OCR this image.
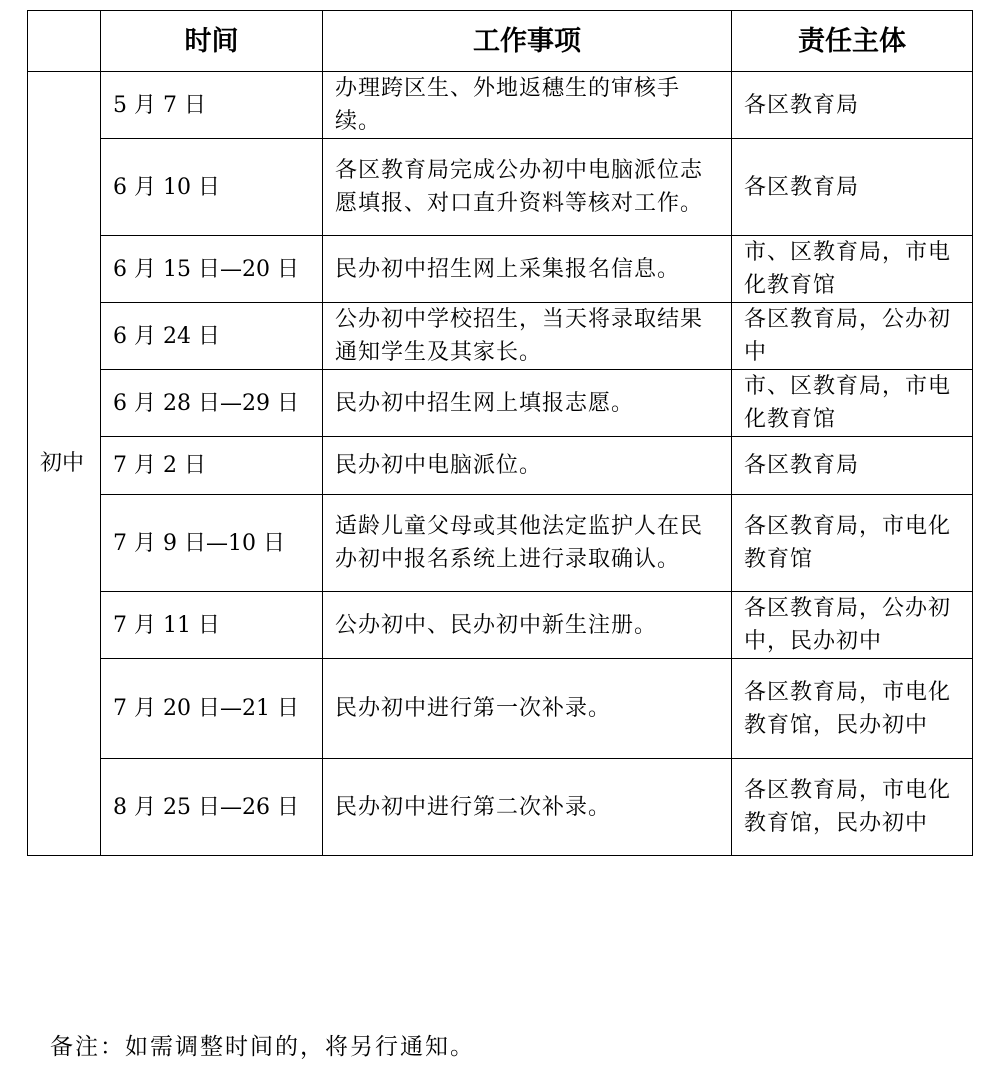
	时间	工作事项	责任主体
初中	5 月 7 日	办理跨区生、外地返穗生的审核手续。	各区教育局
	6 月 10 日	各区教育局完成公办初中电脑派位志愿填报、对口直升资料等核对工作。	各区教育局
	6 月 15 日—20 日	民办初中招生网上采集报名信息。	市、区教育局，市电化教育馆
	6 月 24 日	公办初中学校招生，当天将录取结果通知学生及其家长。	各区教育局，公办初中
	6 月 28 日—29 日	民办初中招生网上填报志愿。	市、区教育局，市电化教育馆
	7 月 2 日	民办初中电脑派位。	各区教育局
	7 月 9 日—10 日	适龄儿童父母或其他法定监护人在民办初中报名系统上进行录取确认。	各区教育局，市电化教育馆
	7 月 11 日	公办初中、民办初中新生注册。	各区教育局，公办初中，民办初中
	7 月 20 日—21 日	民办初中进行第一次补录。	各区教育局，市电化教育馆，民办初中
	8 月 25 日—26 日	民办初中进行第二次补录。	各区教育局，市电化教育馆，民办初中

备注：如需调整时间的，将另行通知。
